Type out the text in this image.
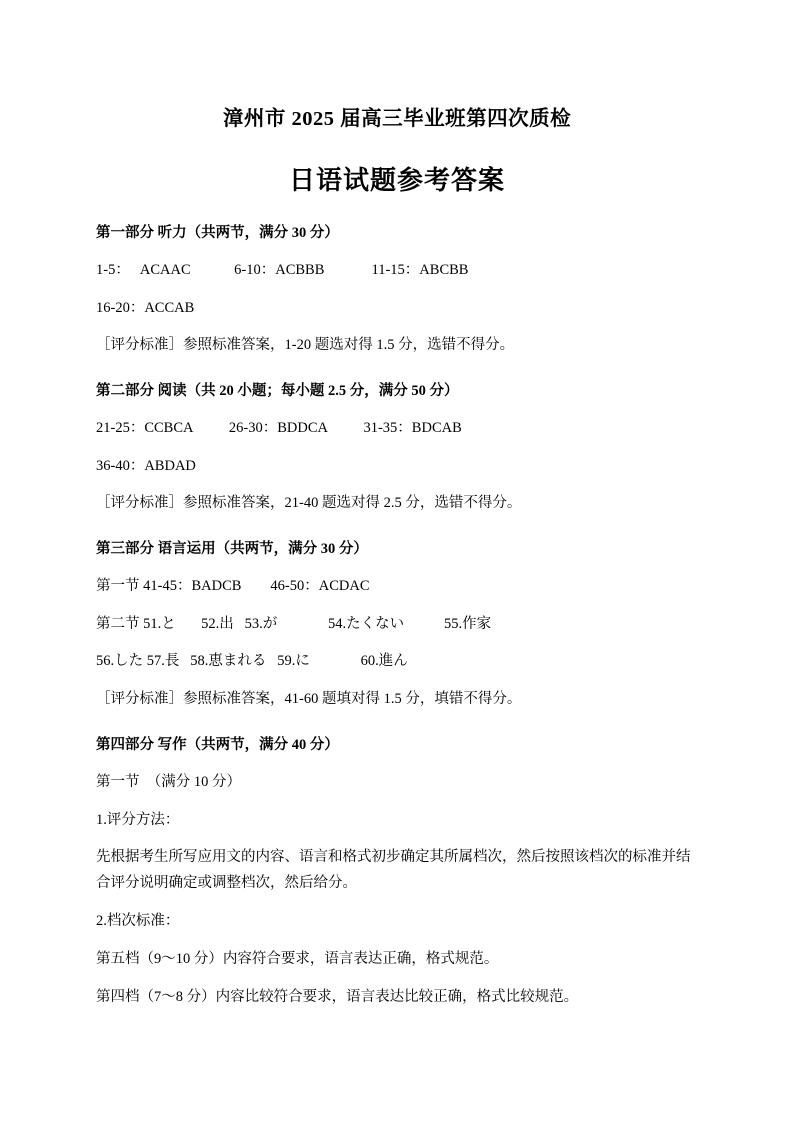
漳州市 2025 届高三毕业班第四次质检
日语试题参考答案
第一部分 听力（共两节，满分 30 分）
1-5：   ACAAC            6-10：ACBBB             11-15：ABCBB
16-20：ACCAB
［评分标准］参照标准答案，1-20 题选对得 1.5 分，选错不得分。
第二部分 阅读（共 20 小题；每小题 2.5 分，满分 50 分）
21-25：CCBCA          26-30：BDDCA          31-35：BDCAB
36-40：ABDAD
［评分标准］参照标准答案，21-40 题选对得 2.5 分，选错不得分。
第三部分 语言运用（共两节，满分 30 分）
第一节 41-45：BADCB        46-50：ACDAC
第二节 51.と       52.出   53.が              54.たくない           55.作家
56.した 57.長   58.恵まれる   59.に              60.進ん
［评分标准］参照标准答案，41-60 题填对得 1.5 分，填错不得分。
第四部分 写作（共两节，满分 40 分）
第一节  （满分 10 分）
1.评分方法：
先根据考生所写应用文的内容、语言和格式初步确定其所属档次，然后按照该档次的标准并结合评分说明确定或调整档次，然后给分。
2.档次标准：
第五档（9～10 分）内容符合要求，语言表达正确，格式规范。
第四档（7～8 分）内容比较符合要求，语言表达比较正确，格式比较规范。
